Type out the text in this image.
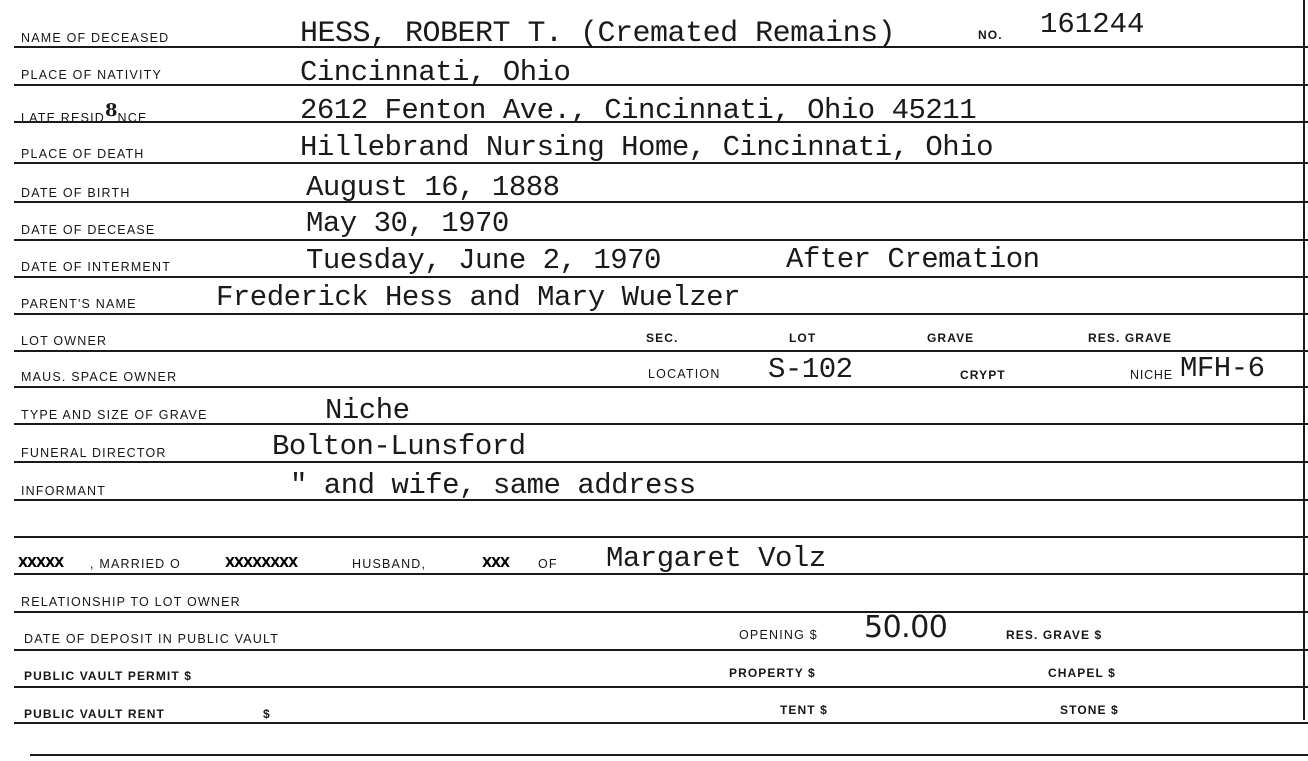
NAME OF DECEASED	HESS, ROBERT T. (Cremated Remains)	NO. 161244
PLACE OF NATIVITY	Cincinnati, Ohio
LATE RESID8NCE	2612 Fenton Ave., Cincinnati, Ohio 45211
PLACE OF DEATH	Hillebrand Nursing Home, Cincinnati, Ohio
DATE OF BIRTH	August 16, 1888
DATE OF DECEASE	May 30, 1970
DATE OF INTERMENT	Tuesday, June 2, 1970	After Cremation
PARENT'S NAME	Frederick Hess and Mary Wuelzer
LOT OWNER	SEC.	LOT	GRAVE	RES. GRAVE
MAUS. SPACE OWNER	LOCATION S-102	CRYPT	NICHE MFH-6
TYPE AND SIZE OF GRAVE	Niche
FUNERAL DIRECTOR	Bolton-Lunsford
INFORMANT	" and wife, same address
XXXXX , MARRIED O	XXXXXXXX	HUSBAND,	XXX OF Margaret Volz
RELATIONSHIP TO LOT OWNER
DATE OF DEPOSIT IN PUBLIC VAULT	OPENING $ 50.00	RES. GRAVE $
PUBLIC VAULT PERMIT $	PROPERTY $	CHAPEL $
PUBLIC VAULT RENT	$	TENT $	STONE $
